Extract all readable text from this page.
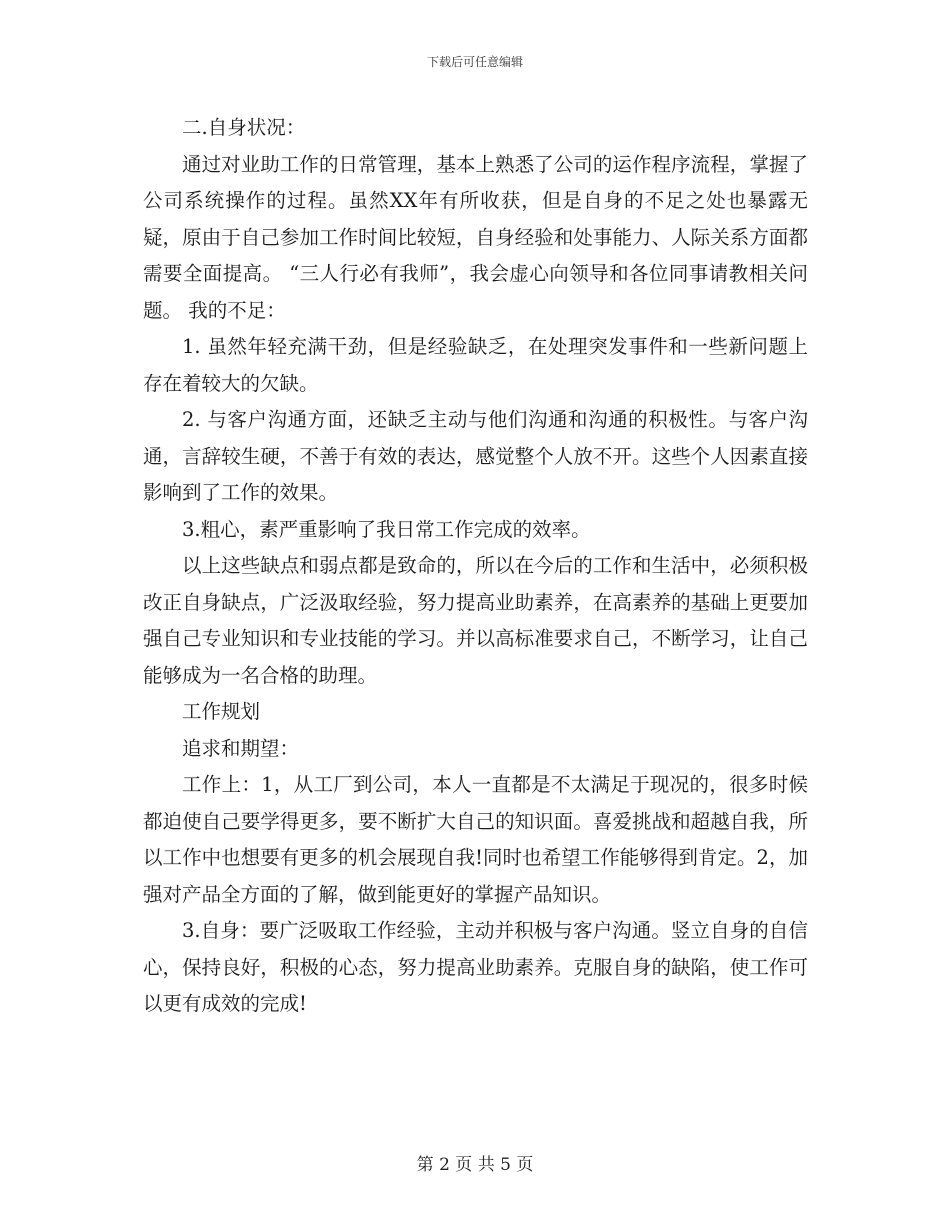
下载后可任意编辑

二.自身状况：

通过对业助工作的日常管理，基本上熟悉了公司的运作程序流程，掌握了公司系统操作的过程。虽然XX年有所收获，但是自身的不足之处也暴露无疑，原由于自己参加工作时间比较短，自身经验和处事能力、人际关系方面都需要全面提高。 “三人行必有我师”，我会虚心向领导和各位同事请教相关问题。 我的不足：

1. 虽然年轻充满干劲，但是经验缺乏，在处理突发事件和一些新问题上存在着较大的欠缺。

2. 与客户沟通方面，还缺乏主动与他们沟通和沟通的积极性。与客户沟通，言辞较生硬，不善于有效的表达，感觉整个人放不开。这些个人因素直接影响到了工作的效果。

3.粗心，素严重影响了我日常工作完成的效率。

以上这些缺点和弱点都是致命的，所以在今后的工作和生活中，必须积极改正自身缺点，广泛汲取经验，努力提高业助素养，在高素养的基础上更要加强自己专业知识和专业技能的学习。并以高标准要求自己，不断学习，让自己能够成为一名合格的助理。

工作规划

追求和期望：

工作上：1，从工厂到公司，本人一直都是不太满足于现况的，很多时候都迫使自己要学得更多，要不断扩大自己的知识面。喜爱挑战和超越自我，所以工作中也想要有更多的机会展现自我!同时也希望工作能够得到肯定。2，加强对产品全方面的了解，做到能更好的掌握产品知识。

3.自身：要广泛吸取工作经验，主动并积极与客户沟通。竖立自身的自信心，保持良好，积极的心态，努力提高业助素养。克服自身的缺陷，使工作可以更有成效的完成!

第 2 页 共 5 页
